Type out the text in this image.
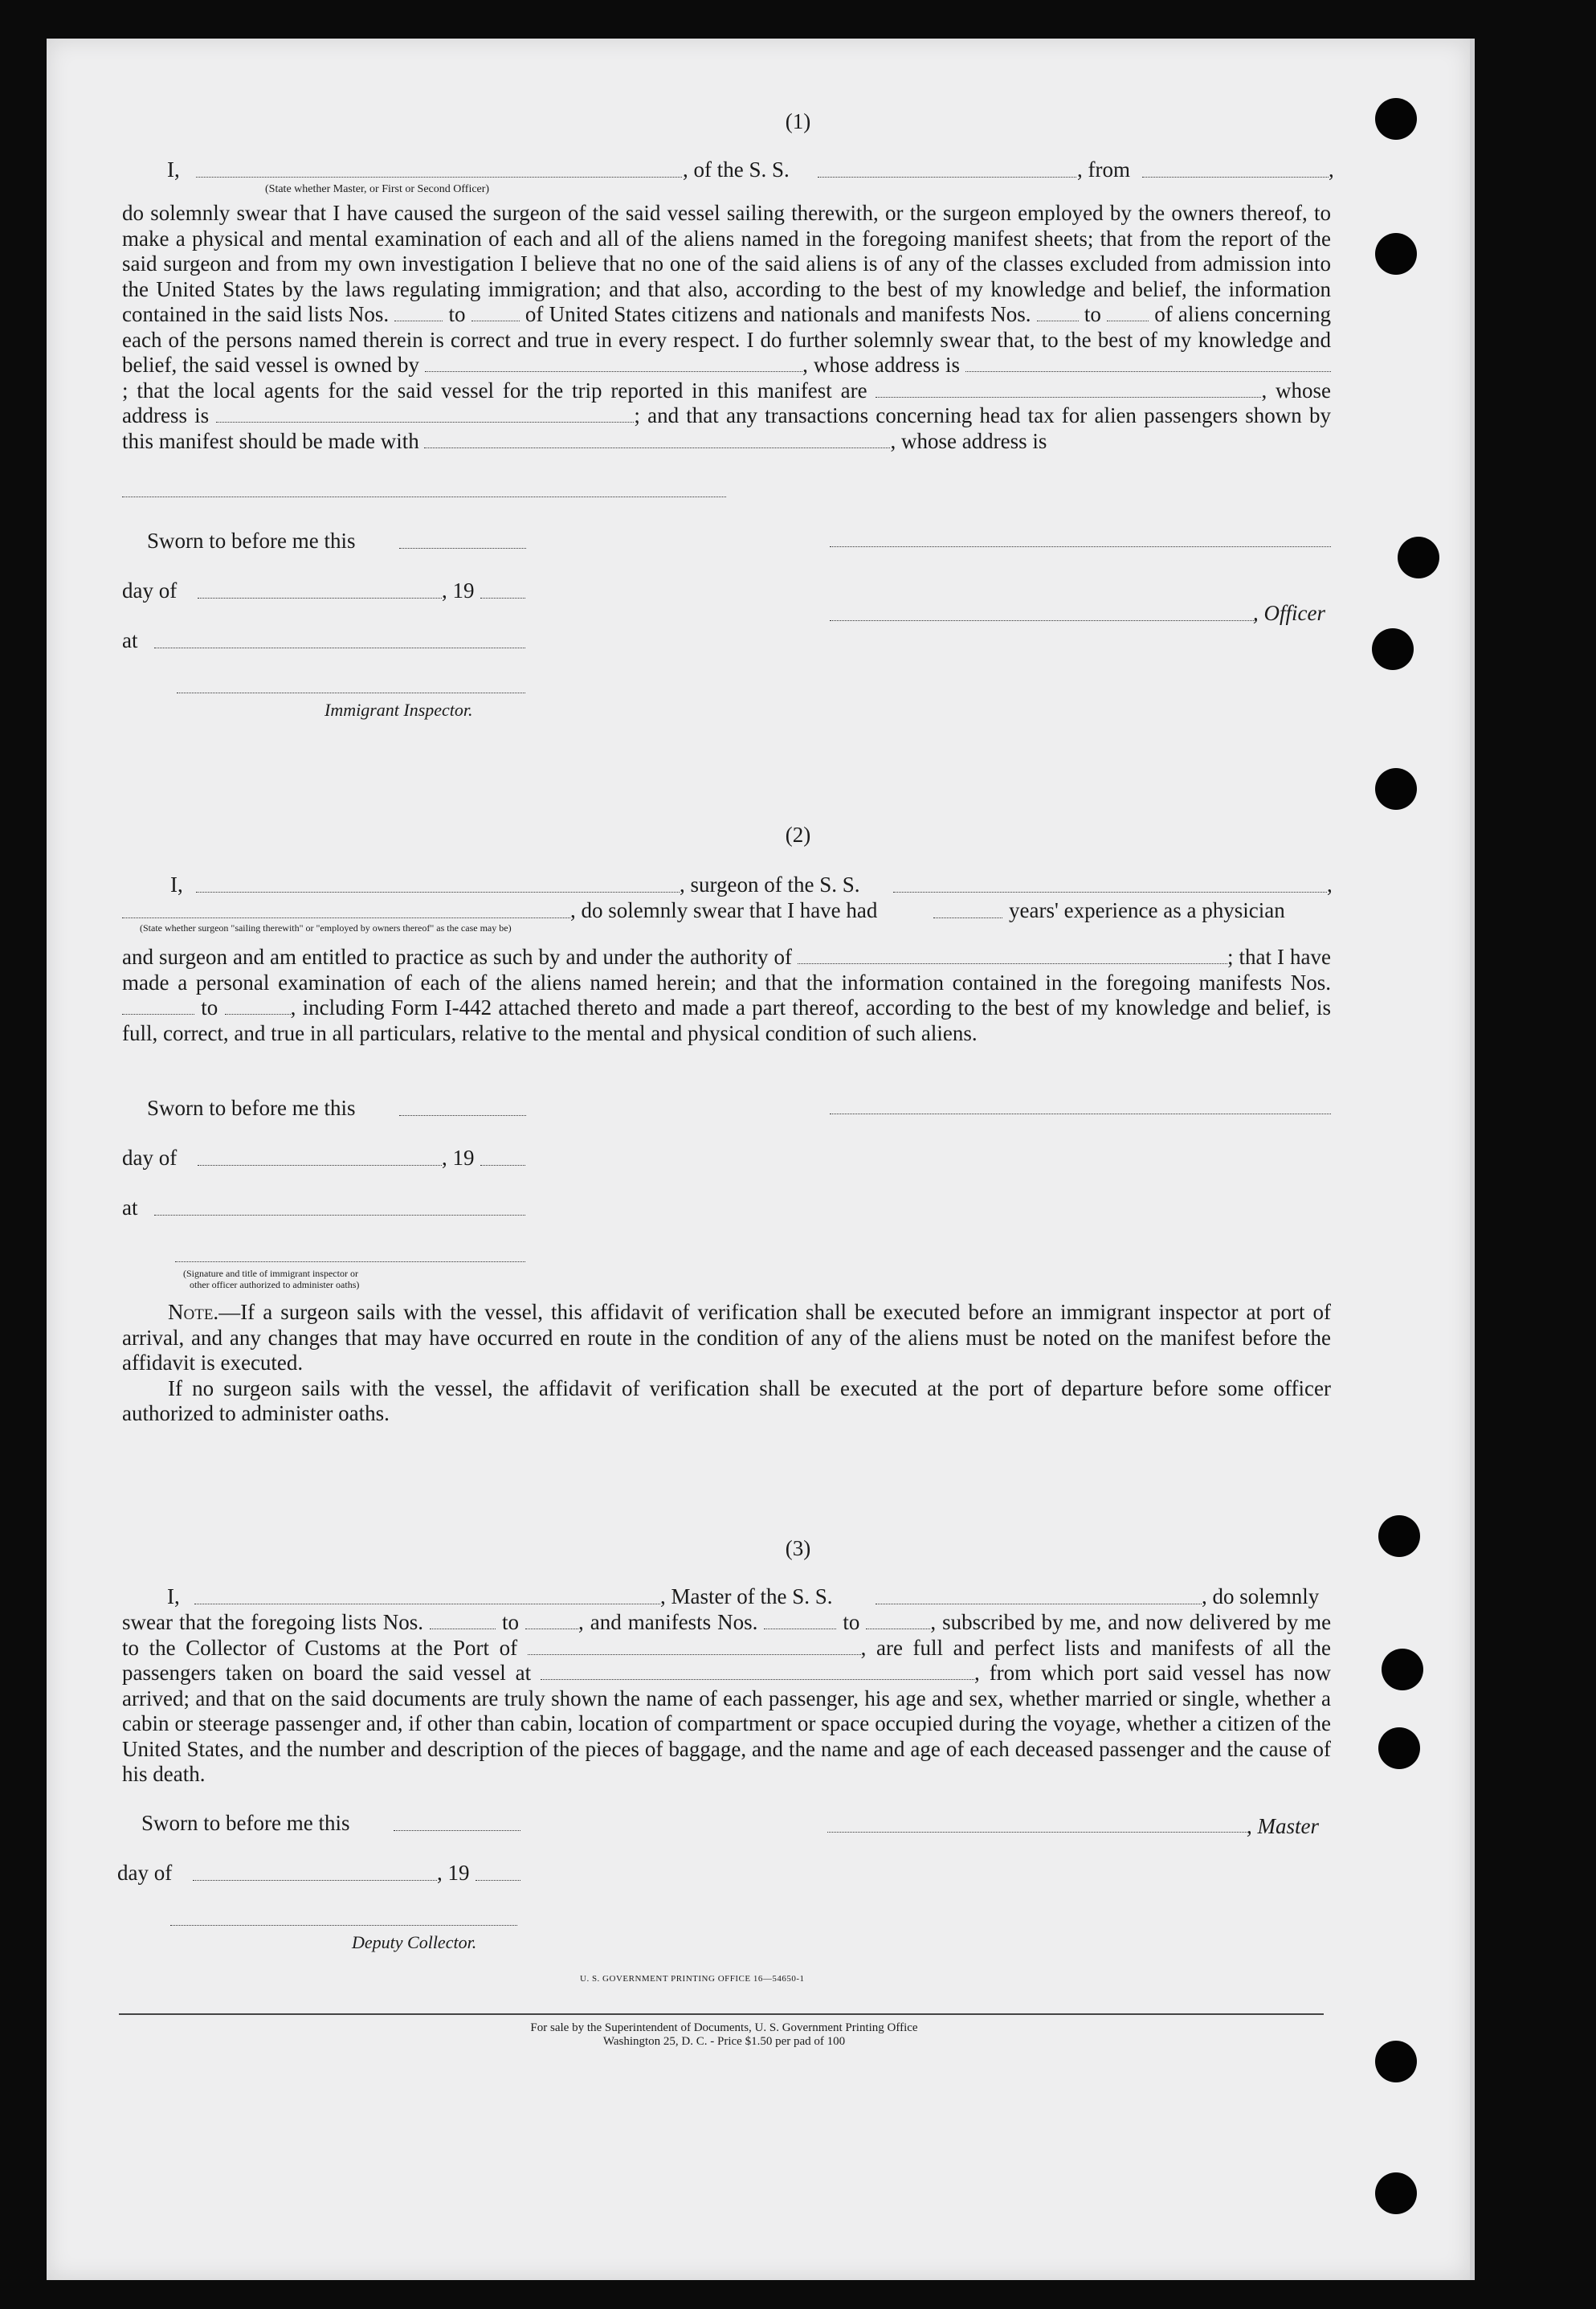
(1)
I,	, of the S. S.	, from	,
(State whether Master, or First or Second Officer)

do solemnly swear that I have caused the surgeon of the said vessel sailing therewith, or the surgeon employed by the owners thereof, to make a physical and mental examination of each and all of the aliens named in the foregoing manifest sheets; that from the report of the said surgeon and from my own investigation I believe that no one of the said aliens is of any of the classes excluded from admission into the United States by the laws regulating immigration; and that also, according to the best of my knowledge and belief, the information contained in the said lists Nos.	to	of United States citizens and nationals and manifests Nos. to of aliens concerning each of the persons named therein is correct and true in every respect. I do further solemnly swear that, to the best of my knowledge and belief, the said vessel is owned by	, whose address is ; that the local agents for the said vessel for the trip reported in this manifest are	, whose address is	; and that any transactions concerning head tax for alien passengers shown by this manifest should be made with	, whose address is

Sworn to before me this
day of	, 19
at
Immigrant Inspector.
, Officer
(2)
I,	, surgeon of the S. S.	,
, do solemnly swear that I have had	years' experience as a physician
(State whether surgeon "sailing therewith" or "employed by owners thereof" as the case may be)

and surgeon and am entitled to practice as such by and under the authority of	; that I have made a personal examination of each of the aliens named herein; and that the information contained in the foregoing manifests Nos.  to	, including Form I-442 attached thereto and made a part thereof, according to the best of my knowledge and belief, is full, correct, and true in all particulars, relative to the mental and physical condition of such aliens.

Sworn to before me this
day of	, 19
at
(Signature and title of immigrant inspector or
other officer authorized to administer oaths)

Note.—If a surgeon sails with the vessel, this affidavit of verification shall be executed before an immigrant inspector at port of arrival, and any changes that may have occurred en route in the condition of any of the aliens must be noted on the manifest before the affidavit is executed.

If no surgeon sails with the vessel, the affidavit of verification shall be executed at the port of departure before some officer authorized to administer oaths.

(3)
I,	, Master of the S. S.	, do solemnly

swear that the foregoing lists Nos.	to	, and manifests Nos.	to	, subscribed by me, and now delivered by me to the Collector of Customs at the Port of	, are full and perfect lists and manifests of all the passengers taken on board the said vessel at	, from which port said vessel has now arrived; and that on the said documents are truly shown the name of each passenger, his age and sex, whether married or single, whether a cabin or steerage passenger and, if other than cabin, location of compartment or space occupied during the voyage, whether a citizen of the United States, and the number and description of the pieces of baggage, and the name and age of each deceased passenger and the cause of his death.

Sworn to before me this	, Master
day of	, 19
Deputy Collector.
U. S. GOVERNMENT PRINTING OFFICE 16—54650-1
For sale by the Superintendent of Documents, U. S. Government Printing Office
Washington 25, D. C. - Price $1.50 per pad of 100
